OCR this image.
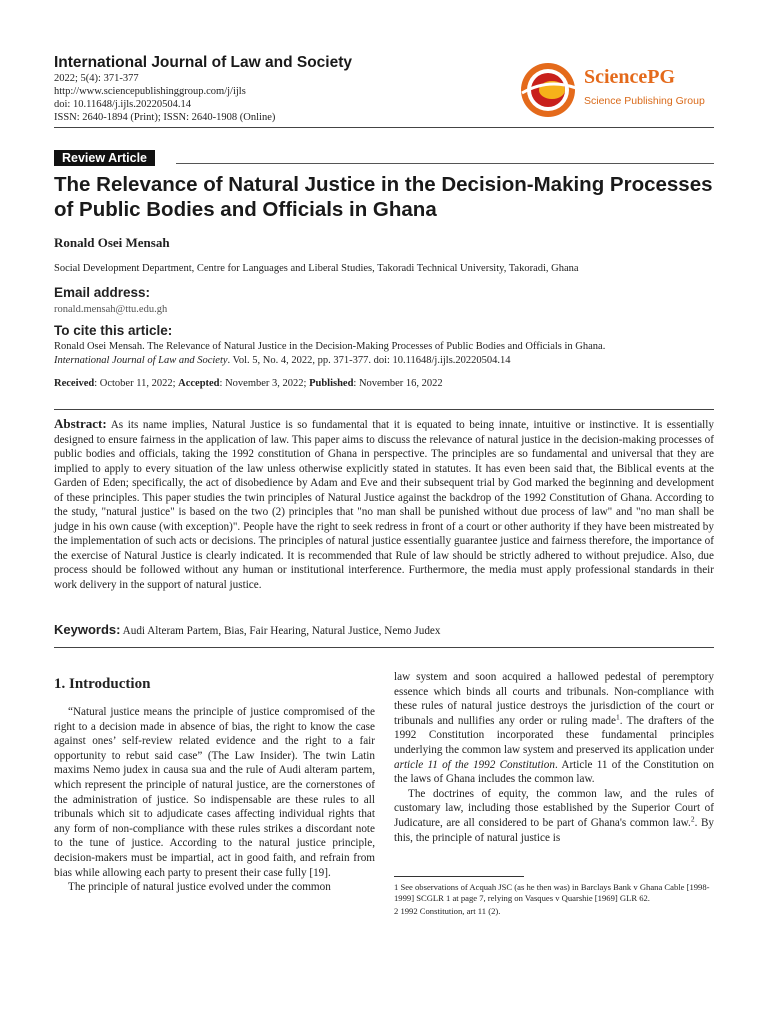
International Journal of Law and Society
2022; 5(4): 371-377
http://www.sciencepublishinggroup.com/j/ijls
doi: 10.11648/j.ijls.20220504.14
ISSN: 2640-1894 (Print); ISSN: 2640-1908 (Online)
SciencePG
Science Publishing Group
Review Article
The Relevance of Natural Justice in the Decision-Making Processes of Public Bodies and Officials in Ghana
Ronald Osei Mensah
Social Development Department, Centre for Languages and Liberal Studies, Takoradi Technical University, Takoradi, Ghana
Email address:
ronald.mensah@ttu.edu.gh
To cite this article:
Ronald Osei Mensah. The Relevance of Natural Justice in the Decision-Making Processes of Public Bodies and Officials in Ghana.
International Journal of Law and Society. Vol. 5, No. 4, 2022, pp. 371-377. doi: 10.11648/j.ijls.20220504.14
Received: October 11, 2022; Accepted: November 3, 2022; Published: November 16, 2022
Abstract: As its name implies, Natural Justice is so fundamental that it is equated to being innate, intuitive or instinctive. It is essentially designed to ensure fairness in the application of law. This paper aims to discuss the relevance of natural justice in the decision-making processes of public bodies and officials, taking the 1992 constitution of Ghana in perspective. The principles are so fundamental and universal that they are implied to apply to every situation of the law unless otherwise explicitly stated in statutes. It has even been said that, the Biblical events at the Garden of Eden; specifically, the act of disobedience by Adam and Eve and their subsequent trial by God marked the beginning and development of these principles. This paper studies the twin principles of Natural Justice against the backdrop of the 1992 Constitution of Ghana. According to the study, "natural justice" is based on the two (2) principles that "no man shall be punished without due process of law" and "no man shall be judge in his own cause (with exception)". People have the right to seek redress in front of a court or other authority if they have been mistreated by the implementation of such acts or decisions. The principles of natural justice essentially guarantee justice and fairness therefore, the importance of the exercise of Natural Justice is clearly indicated. It is recommended that Rule of law should be strictly adhered to without prejudice. Also, due process should be followed without any human or institutional interference. Furthermore, the media must apply professional standards in their work delivery in the support of natural justice.
Keywords: Audi Alteram Partem, Bias, Fair Hearing, Natural Justice, Nemo Judex
1. Introduction

“Natural justice means the principle of justice compromised of the right to a decision made in absence of bias, the right to know the case against ones’ self-review related evidence and the right to a fair opportunity to rebut said case” (The Law Insider). The twin Latin maxims Nemo judex in causa sua and the rule of Audi alteram partem, which represent the principle of natural justice, are the cornerstones of the administration of justice. So indispensable are these rules to all tribunals which sit to adjudicate cases affecting individual rights that any form of non-compliance with these rules strikes a discordant note to the tune of justice. According to the natural justice principle, decision-makers must be impartial, act in good faith, and refrain from bias while allowing each party to present their case fully [19].

The principle of natural justice evolved under the common

law system and soon acquired a hallowed pedestal of peremptory essence which binds all courts and tribunals. Non-compliance with these rules of natural justice destroys the jurisdiction of the court or tribunals and nullifies any order or ruling made$^1$. The drafters of the 1992 Constitution incorporated these fundamental principles underlying the common law system and preserved its application under article 11 of the 1992 Constitution. Article 11 of the Constitution on the laws of Ghana includes the common law.

The doctrines of equity, the common law, and the rules of customary law, including those established by the Superior Court of Judicature, are all considered to be part of Ghana's common law.$^2$. By this, the principle of natural justice is

1 See observations of Acquah JSC (as he then was) in Barclays Bank v Ghana Cable [1998-1999] SCGLR 1 at page 7, relying on Vasques v Quarshie [1969] GLR 62.

2 1992 Constitution, art 11 (2).
